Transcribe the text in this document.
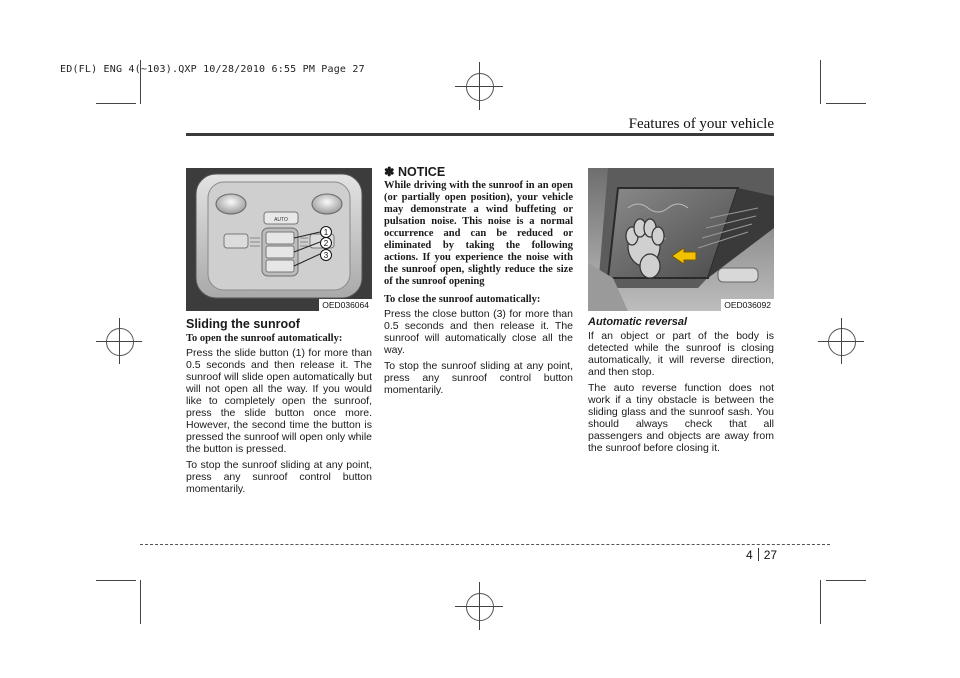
ED(FL) ENG 4(~103).QXP 10/28/2010 6:55 PM Page 27
Features of your vehicle
AUTO
1
2
3
OED036064
Sliding the sunroof
To open the sunroof automatically:

Press the slide button (1) for more than 0.5 seconds and then release it. The sunroof will slide open automatically but will not open all the way. If you would like to completely open the sunroof, press the slide button once more. However, the second time the button is pressed the sunroof will open only while the button is pressed.

To stop the sunroof sliding at any point, press any sunroof control button momentarily.

✽ NOTICE
While driving with the sunroof in an open (or partially open position), your vehicle may demonstrate a wind buffeting or pulsation noise. This noise is a normal occurrence and can be reduced or eliminated by taking the following actions. If you experience the noise with the sunroof open, slightly reduce the size of the sunroof opening
To close the sunroof automatically:

Press the close button (3) for more than 0.5 seconds and then release it. The sunroof will automatically close all the way.

To stop the sunroof sliding at any point, press any sunroof control button momentarily.

OED036092
Automatic reversal

If an object or part of the body is detected while the sunroof is closing automatically, it will reverse direction, and then stop.

The auto reverse function does not work if a tiny obstacle is between the sliding glass and the sunroof sash. You should always check that all passengers and objects are away from the sunroof before closing it.

4 27
